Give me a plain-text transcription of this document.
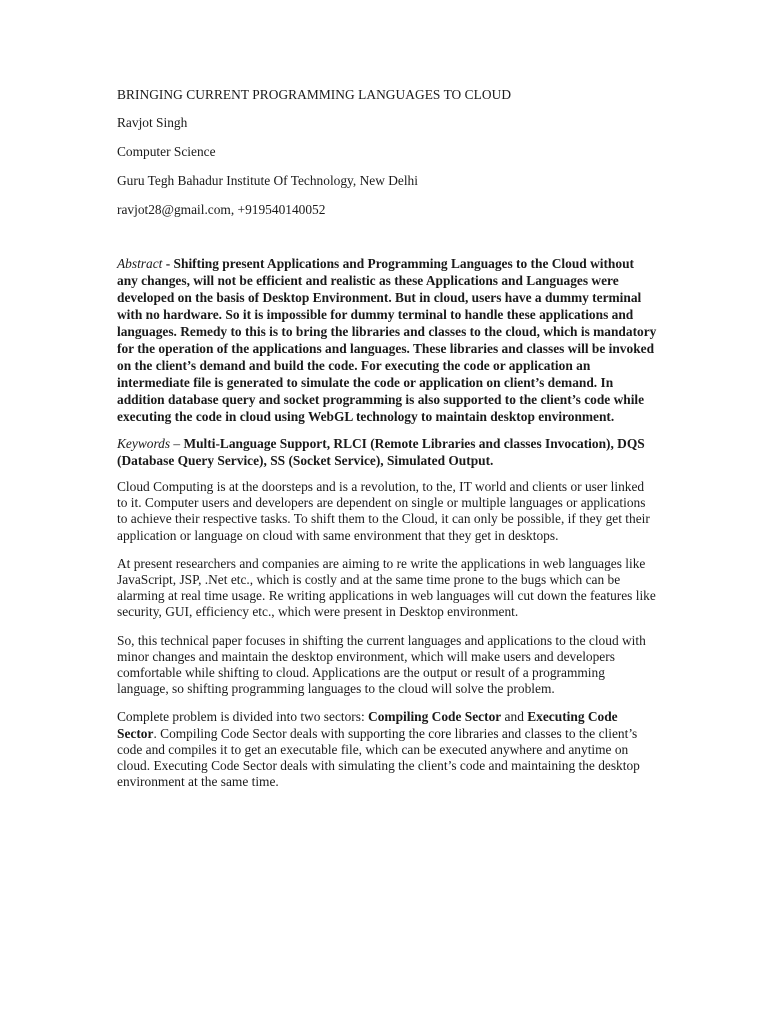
BRINGING CURRENT PROGRAMMING LANGUAGES TO CLOUD
Ravjot Singh
Computer Science
Guru Tegh Bahadur Institute Of Technology, New Delhi
ravjot28@gmail.com, +919540140052
Abstract - Shifting present Applications and Programming Languages to the Cloud without any changes, will not be efficient and realistic as these Applications and Languages were developed on the basis of Desktop Environment. But in cloud, users have a dummy terminal with no hardware. So it is impossible for dummy terminal to handle these applications and languages. Remedy to this is to bring the libraries and classes to the cloud, which is mandatory for the operation of the applications and languages. These libraries and classes will be invoked on the client’s demand and build the code. For executing the code or application an intermediate file is generated to simulate the code or application on client’s demand. In addition database query and socket programming is also supported to the client’s code while executing the code in cloud using WebGL technology to maintain desktop environment.
Keywords – Multi-Language Support, RLCI (Remote Libraries and classes Invocation), DQS (Database Query Service), SS (Socket Service), Simulated Output.
Cloud Computing is at the doorsteps and is a revolution, to the, IT world and clients or user linked to it. Computer users and developers are dependent on single or multiple languages or applications to achieve their respective tasks. To shift them to the Cloud, it can only be possible, if they get their application or language on cloud with same environment that they get in desktops.
At present researchers and companies are aiming to re write the applications in web languages like JavaScript, JSP, .Net etc., which is costly and at the same time prone to the bugs which can be alarming at real time usage. Re writing applications in web languages will cut down the features like security, GUI, efficiency etc., which were present in Desktop environment.
So, this technical paper focuses in shifting the current languages and applications to the cloud with minor changes and maintain the desktop environment, which will make users and developers comfortable while shifting to cloud. Applications are the output or result of a programming language, so shifting programming languages to the cloud will solve the problem.
Complete problem is divided into two sectors: Compiling Code Sector and Executing Code Sector. Compiling Code Sector deals with supporting the core libraries and classes to the client’s code and compiles it to get an executable file, which can be executed anywhere and anytime on cloud. Executing Code Sector deals with simulating the client’s code and maintaining the desktop environment at the same time.
